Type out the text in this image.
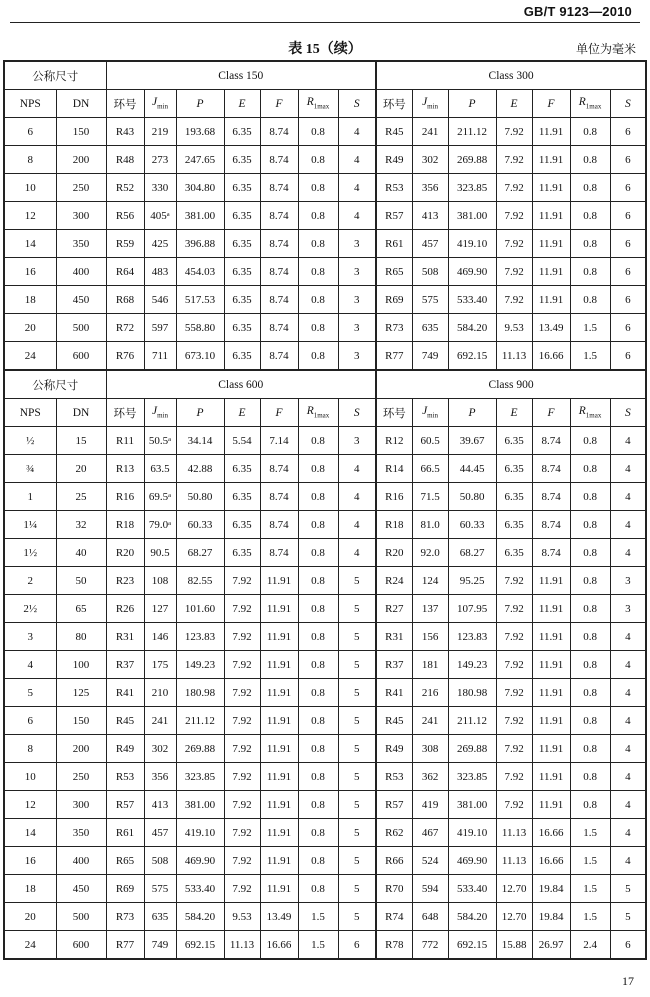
GB/T 9123—2010
表 15（续）	单位为毫米
公称尺寸		Class 150							Class 300						
NPS	DN	环号	$J_{min}$	P	E	F	$R_{1max}$	S	环号	$J_{min}$	P	E	F	$R_{1max}$	S
6	150	R43	219	193.68	6.35	8.74	0.8	4	R45	241	211.12	7.92	11.91	0.8	6
8	200	R48	273	247.65	6.35	8.74	0.8	4	R49	302	269.88	7.92	11.91	0.8	6
10	250	R52	330	304.80	6.35	8.74	0.8	4	R53	356	323.85	7.92	11.91	0.8	6
12	300	R56	405ᵃ	381.00	6.35	8.74	0.8	4	R57	413	381.00	7.92	11.91	0.8	6
14	350	R59	425	396.88	6.35	8.74	0.8	3	R61	457	419.10	7.92	11.91	0.8	6
16	400	R64	483	454.03	6.35	8.74	0.8	3	R65	508	469.90	7.92	11.91	0.8	6
18	450	R68	546	517.53	6.35	8.74	0.8	3	R69	575	533.40	7.92	11.91	0.8	6
20	500	R72	597	558.80	6.35	8.74	0.8	3	R73	635	584.20	9.53	13.49	1.5	6
24	600	R76	711	673.10	6.35	8.74	0.8	3	R77	749	692.15	11.13	16.66	1.5	6
公称尺寸		Class 600							Class 900						
NPS	DN	环号	$J_{min}$	P	E	F	$R_{1max}$	S	环号	$J_{min}$	P	E	F	$R_{1max}$	S
½	15	R11	50.5ᵃ	34.14	5.54	7.14	0.8	3	R12	60.5	39.67	6.35	8.74	0.8	4
¾	20	R13	63.5	42.88	6.35	8.74	0.8	4	R14	66.5	44.45	6.35	8.74	0.8	4
1	25	R16	69.5ᵃ	50.80	6.35	8.74	0.8	4	R16	71.5	50.80	6.35	8.74	0.8	4
1¼	32	R18	79.0ᵃ	60.33	6.35	8.74	0.8	4	R18	81.0	60.33	6.35	8.74	0.8	4
1½	40	R20	90.5	68.27	6.35	8.74	0.8	4	R20	92.0	68.27	6.35	8.74	0.8	4
2	50	R23	108	82.55	7.92	11.91	0.8	5	R24	124	95.25	7.92	11.91	0.8	3
2½	65	R26	127	101.60	7.92	11.91	0.8	5	R27	137	107.95	7.92	11.91	0.8	3
3	80	R31	146	123.83	7.92	11.91	0.8	5	R31	156	123.83	7.92	11.91	0.8	4
4	100	R37	175	149.23	7.92	11.91	0.8	5	R37	181	149.23	7.92	11.91	0.8	4
5	125	R41	210	180.98	7.92	11.91	0.8	5	R41	216	180.98	7.92	11.91	0.8	4
6	150	R45	241	211.12	7.92	11.91	0.8	5	R45	241	211.12	7.92	11.91	0.8	4
8	200	R49	302	269.88	7.92	11.91	0.8	5	R49	308	269.88	7.92	11.91	0.8	4
10	250	R53	356	323.85	7.92	11.91	0.8	5	R53	362	323.85	7.92	11.91	0.8	4
12	300	R57	413	381.00	7.92	11.91	0.8	5	R57	419	381.00	7.92	11.91	0.8	4
14	350	R61	457	419.10	7.92	11.91	0.8	5	R62	467	419.10	11.13	16.66	1.5	4
16	400	R65	508	469.90	7.92	11.91	0.8	5	R66	524	469.90	11.13	16.66	1.5	4
18	450	R69	575	533.40	7.92	11.91	0.8	5	R70	594	533.40	12.70	19.84	1.5	5
20	500	R73	635	584.20	9.53	13.49	1.5	5	R74	648	584.20	12.70	19.84	1.5	5
24	600	R77	749	692.15	11.13	16.66	1.5	6	R78	772	692.15	15.88	26.97	2.4	6
17
